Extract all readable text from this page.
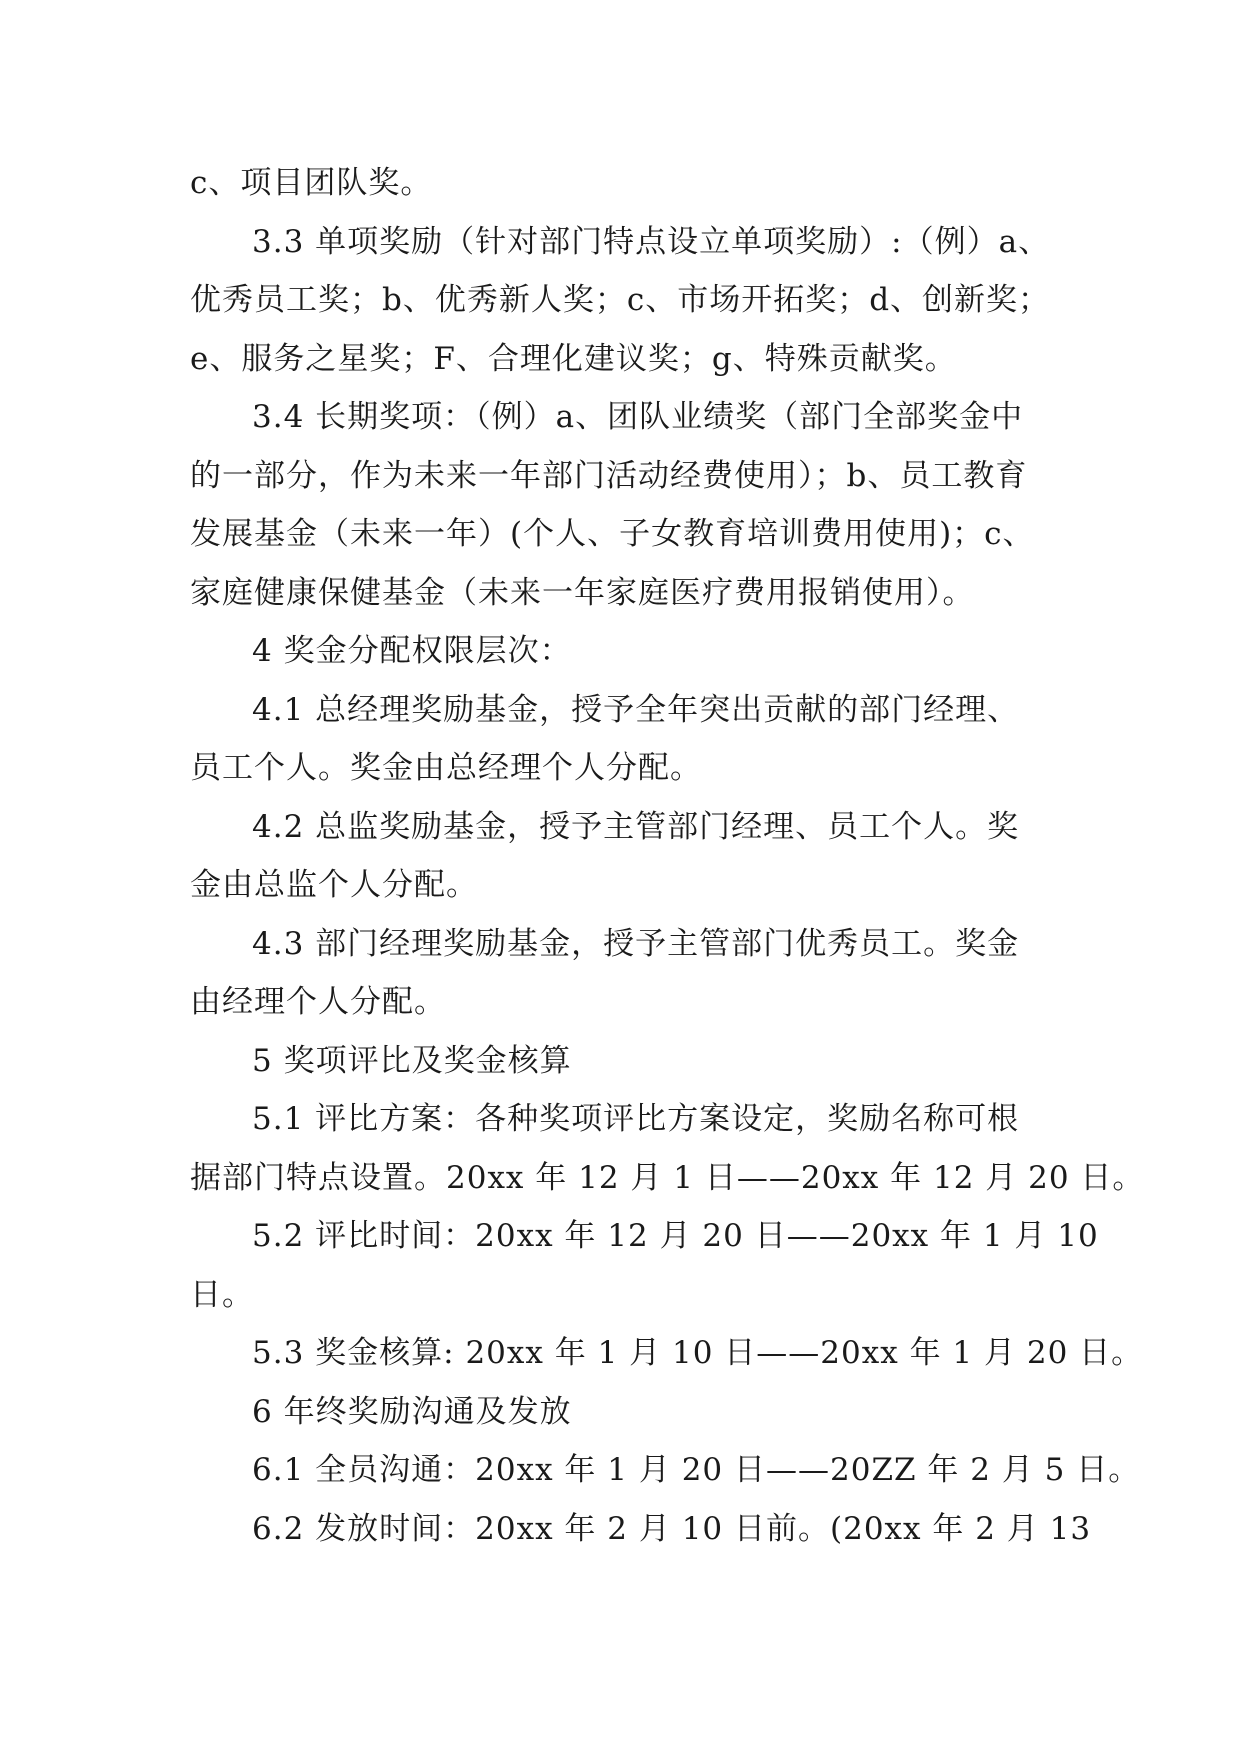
c、项目团队奖。
3.3 单项奖励（针对部门特点设立单项奖励）:（例）a、
优秀员工奖；b、优秀新人奖；c、市场开拓奖；d、创新奖；
e、服务之星奖；F、合理化建议奖；g、特殊贡献奖。
3.4 长期奖项：（例）a、团队业绩奖（部门全部奖金中
的一部分，作为未来一年部门活动经费使用）；b、员工教育
发展基金（未来一年）(个人、子女教育培训费用使用)；c、
家庭健康保健基金（未来一年家庭医疗费用报销使用）。
4 奖金分配权限层次：
4.1 总经理奖励基金，授予全年突出贡献的部门经理、
员工个人。奖金由总经理个人分配。
4.2 总监奖励基金，授予主管部门经理、员工个人。奖
金由总监个人分配。
4.3 部门经理奖励基金，授予主管部门优秀员工。奖金
由经理个人分配。
5 奖项评比及奖金核算
5.1 评比方案：各种奖项评比方案设定，奖励名称可根
据部门特点设置。20xx 年 12 月 1 日——20xx 年 12 月 20 日。
5.2 评比时间：20xx 年 12 月 20 日——20xx 年 1 月 10
日。
5.3 奖金核算: 20xx 年 1 月 10 日——20xx 年 1 月 20 日。
6 年终奖励沟通及发放
6.1 全员沟通：20xx 年 1 月 20 日——20ZZ 年 2 月 5 日。
6.2 发放时间：20xx 年 2 月 10 日前。(20xx 年 2 月 13
